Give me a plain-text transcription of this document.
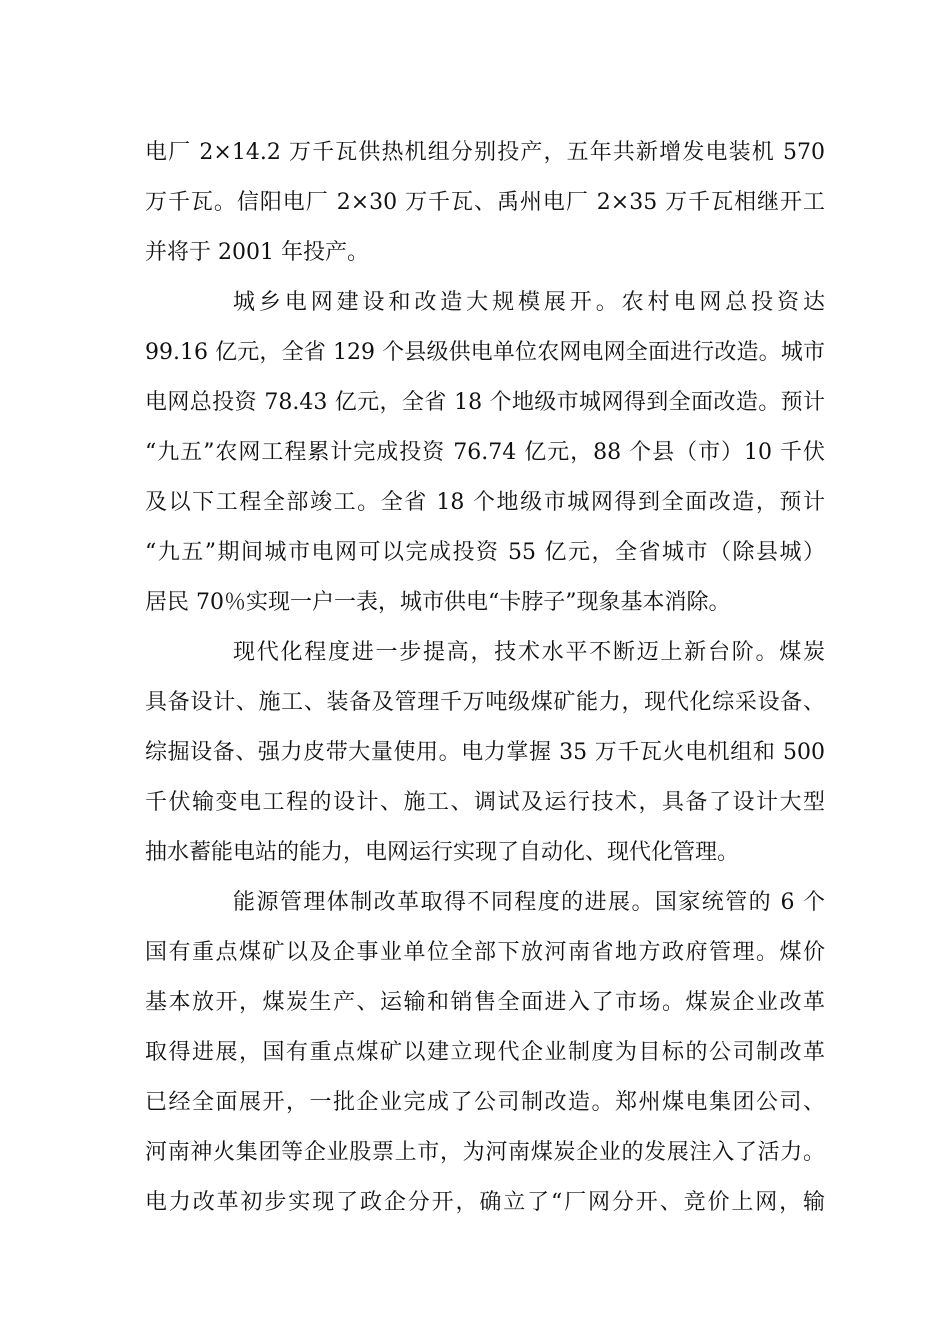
电厂 2×14.2 万千瓦供热机组分别投产，五年共新增发电装机 570
万千瓦。信阳电厂 2×30 万千瓦、禹州电厂 2×35 万千瓦相继开工
并将于 2001 年投产。
城乡电网建设和改造大规模展开。农村电网总投资达
99.16 亿元，全省 129 个县级供电单位农网电网全面进行改造。城市
电网总投资 78.43 亿元，全省 18 个地级市城网得到全面改造。预计
“九五”农网工程累计完成投资 76.74 亿元，88 个县（市）10 千伏
及以下工程全部竣工。全省 18 个地级市城网得到全面改造，预计
“九五”期间城市电网可以完成投资 55 亿元，全省城市（除县城）
居民 70％实现一户一表，城市供电“卡脖子”现象基本消除。
现代化程度进一步提高，技术水平不断迈上新台阶。煤炭
具备设计、施工、装备及管理千万吨级煤矿能力，现代化综采设备、
综掘设备、强力皮带大量使用。电力掌握 35 万千瓦火电机组和 500
千伏输变电工程的设计、施工、调试及运行技术，具备了设计大型
抽水蓄能电站的能力，电网运行实现了自动化、现代化管理。
能源管理体制改革取得不同程度的进展。国家统管的 6 个
国有重点煤矿以及企事业单位全部下放河南省地方政府管理。煤价
基本放开，煤炭生产、运输和销售全面进入了市场。煤炭企业改革
取得进展，国有重点煤矿以建立现代企业制度为目标的公司制改革
已经全面展开，一批企业完成了公司制改造。郑州煤电集团公司、
河南神火集团等企业股票上市，为河南煤炭企业的发展注入了活力。
电力改革初步实现了政企分开，确立了“厂网分开、竞价上网，输
